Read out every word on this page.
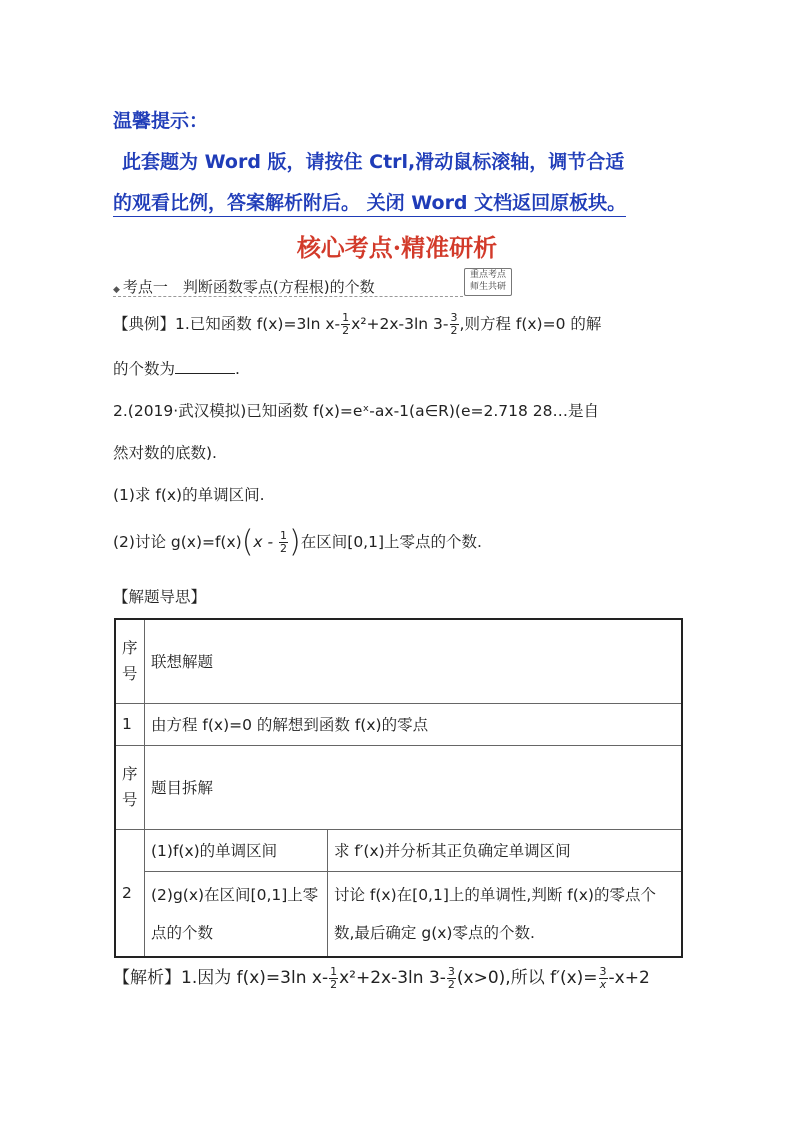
温馨提示：
此套题为 Word 版，请按住 Ctrl,滑动鼠标滚轴，调节合适
的观看比例，答案解析附后。 关闭 Word 文档返回原板块。
核心考点·精准研析
◆ 考点一　判断函数零点(方程根)的个数
重点考点
师生共研
【典例】1.已知函数 f(x)=3ln $x- \frac{1}{2} x^2+2x-3\ln$ $3- \frac{3}{2}$ ,则方程 f(x)=0 的解
的个数为	.
2.(2019·武汉模拟)已知函数 f(x)=eˣ-ax-1(a∈R)(e=2.718 28…是自
然对数的底数).
(1)求 f(x)的单调区间.
(2)讨论 $g(x)=f(x)(x - \frac{1}{2}$ )在区间[0,1]上零点的个数.
【解题导思】
序号	联想解题	
1	由方程 f(x)=0 的解想到函数 f(x)的零点	
序号	题目拆解	
2	(1)f(x)的单调区间	求 f′(x)并分析其正负确定单调区间
	(2)g(x)在区间[0,1]上零点的个数	讨论 f(x)在[0,1]上的单调性,判断 f(x)的零点个数,最后确定 g(x)零点的个数.
【解析】1.因为 f(x)=3ln $x- \frac{1}{2} x^2+2x-3\ln$ $3- \frac{3}{2} (x>0)$,所以 $f'(x)= \frac{3}{x} -x+2$
